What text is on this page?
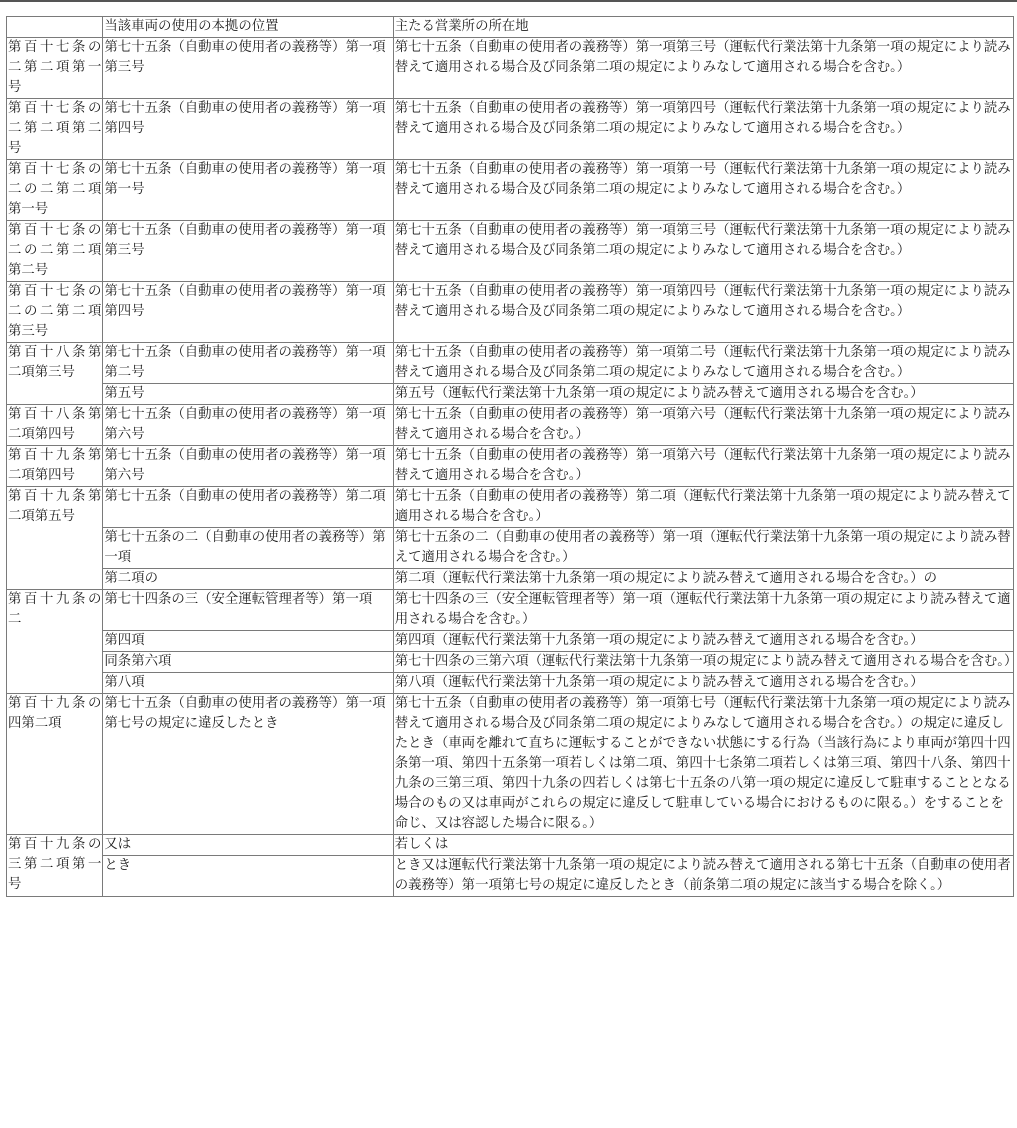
	当該車両の使用の本拠の位置	主たる営業所の所在地
第百十七条の二第二項第一号	第七十五条（自動車の使用者の義務等）第一項第三号	第七十五条（自動車の使用者の義務等）第一項第三号（運転代行業法第十九条第一項の規定により読み替えて適用される場合及び同条第二項の規定によりみなして適用される場合を含む。）
第百十七条の二第二項第二号	第七十五条（自動車の使用者の義務等）第一項第四号	第七十五条（自動車の使用者の義務等）第一項第四号（運転代行業法第十九条第一項の規定により読み替えて適用される場合及び同条第二項の規定によりみなして適用される場合を含む。）
第百十七条の二の二第二項第一号	第七十五条（自動車の使用者の義務等）第一項第一号	第七十五条（自動車の使用者の義務等）第一項第一号（運転代行業法第十九条第一項の規定により読み替えて適用される場合及び同条第二項の規定によりみなして適用される場合を含む。）
第百十七条の二の二第二項第二号	第七十五条（自動車の使用者の義務等）第一項第三号	第七十五条（自動車の使用者の義務等）第一項第三号（運転代行業法第十九条第一項の規定により読み替えて適用される場合及び同条第二項の規定によりみなして適用される場合を含む。）
第百十七条の二の二第二項第三号	第七十五条（自動車の使用者の義務等）第一項第四号	第七十五条（自動車の使用者の義務等）第一項第四号（運転代行業法第十九条第一項の規定により読み替えて適用される場合及び同条第二項の規定によりみなして適用される場合を含む。）
第百十八条第二項第三号	第七十五条（自動車の使用者の義務等）第一項第二号	第七十五条（自動車の使用者の義務等）第一項第二号（運転代行業法第十九条第一項の規定により読み替えて適用される場合及び同条第二項の規定によりみなして適用される場合を含む。）
	第五号	第五号（運転代行業法第十九条第一項の規定により読み替えて適用される場合を含む。）
第百十八条第二項第四号	第七十五条（自動車の使用者の義務等）第一項第六号	第七十五条（自動車の使用者の義務等）第一項第六号（運転代行業法第十九条第一項の規定により読み替えて適用される場合を含む。）
第百十九条第二項第四号	第七十五条（自動車の使用者の義務等）第一項第六号	第七十五条（自動車の使用者の義務等）第一項第六号（運転代行業法第十九条第一項の規定により読み替えて適用される場合を含む。）
第百十九条第二項第五号	第七十五条（自動車の使用者の義務等）第二項	第七十五条（自動車の使用者の義務等）第二項（運転代行業法第十九条第一項の規定により読み替えて適用される場合を含む。）
	第七十五条の二（自動車の使用者の義務等）第一項	第七十五条の二（自動車の使用者の義務等）第一項（運転代行業法第十九条第一項の規定により読み替えて適用される場合を含む。）
	第二項の	第二項（運転代行業法第十九条第一項の規定により読み替えて適用される場合を含む。）の
第百十九条の二	第七十四条の三（安全運転管理者等）第一項	第七十四条の三（安全運転管理者等）第一項（運転代行業法第十九条第一項の規定により読み替えて適用される場合を含む。）
	第四項	第四項（運転代行業法第十九条第一項の規定により読み替えて適用される場合を含む。）
	同条第六項	第七十四条の三第六項（運転代行業法第十九条第一項の規定により読み替えて適用される場合を含む。）
	第八項	第八項（運転代行業法第十九条第一項の規定により読み替えて適用される場合を含む。）
第百十九条の四第二項	第七十五条（自動車の使用者の義務等）第一項第七号の規定に違反したとき	第七十五条（自動車の使用者の義務等）第一項第七号（運転代行業法第十九条第一項の規定により読み替えて適用される場合及び同条第二項の規定によりみなして適用される場合を含む。）の規定に違反したとき（車両を離れて直ちに運転することができない状態にする行為（当該行為により車両が第四十四条第一項、第四十五条第一項若しくは第二項、第四十七条第二項若しくは第三項、第四十八条、第四十九条の三第三項、第四十九条の四若しくは第七十五条の八第一項の規定に違反して駐車することとなる場合のもの又は車両がこれらの規定に違反して駐車している場合におけるものに限る。）をすることを命じ、又は容認した場合に限る。）
第百十九条の三第二項第一号	又は	若しくは
	とき	とき又は運転代行業法第十九条第一項の規定により読み替えて適用される第七十五条（自動車の使用者の義務等）第一項第七号の規定に違反したとき（前条第二項の規定に該当する場合を除く。）
